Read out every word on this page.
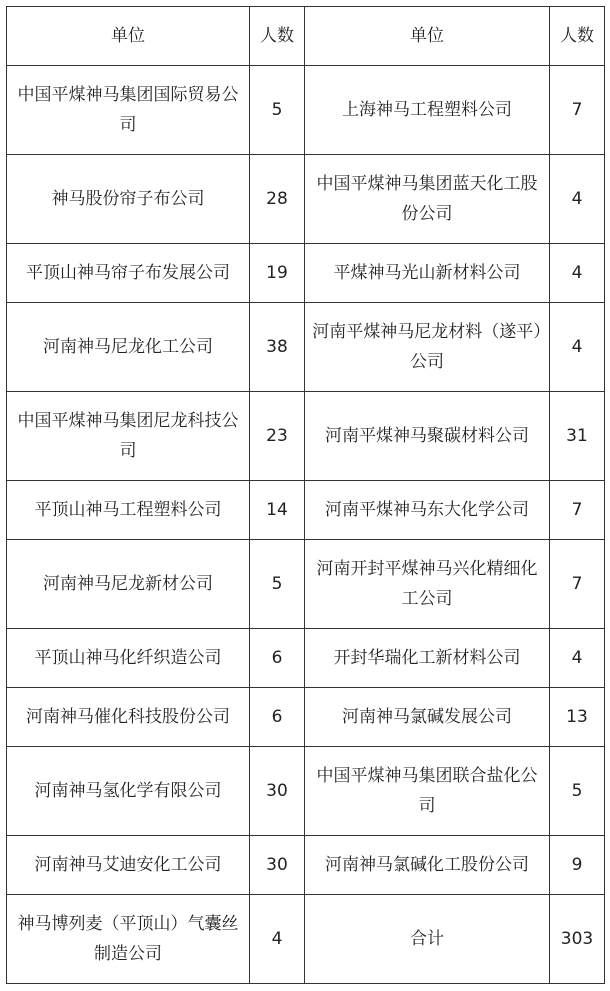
单位	人数	单位	人数
中国平煤神马集团国际贸易公司	5	上海神马工程塑料公司	7
神马股份帘子布公司	28	中国平煤神马集团蓝天化工股份公司	4
平顶山神马帘子布发展公司	19	平煤神马光山新材料公司	4
河南神马尼龙化工公司	38	河南平煤神马尼龙材料（遂平）公司	4
中国平煤神马集团尼龙科技公司	23	河南平煤神马聚碳材料公司	31
平顶山神马工程塑料公司	14	河南平煤神马东大化学公司	7
河南神马尼龙新材公司	5	河南开封平煤神马兴化精细化工公司	7
平顶山神马化纤织造公司	6	开封华瑞化工新材料公司	4
河南神马催化科技股份公司	6	河南神马氯碱发展公司	13
河南神马氢化学有限公司	30	中国平煤神马集团联合盐化公司	5
河南神马艾迪安化工公司	30	河南神马氯碱化工股份公司	9
神马博列麦（平顶山）气囊丝制造公司	4	合计	303
